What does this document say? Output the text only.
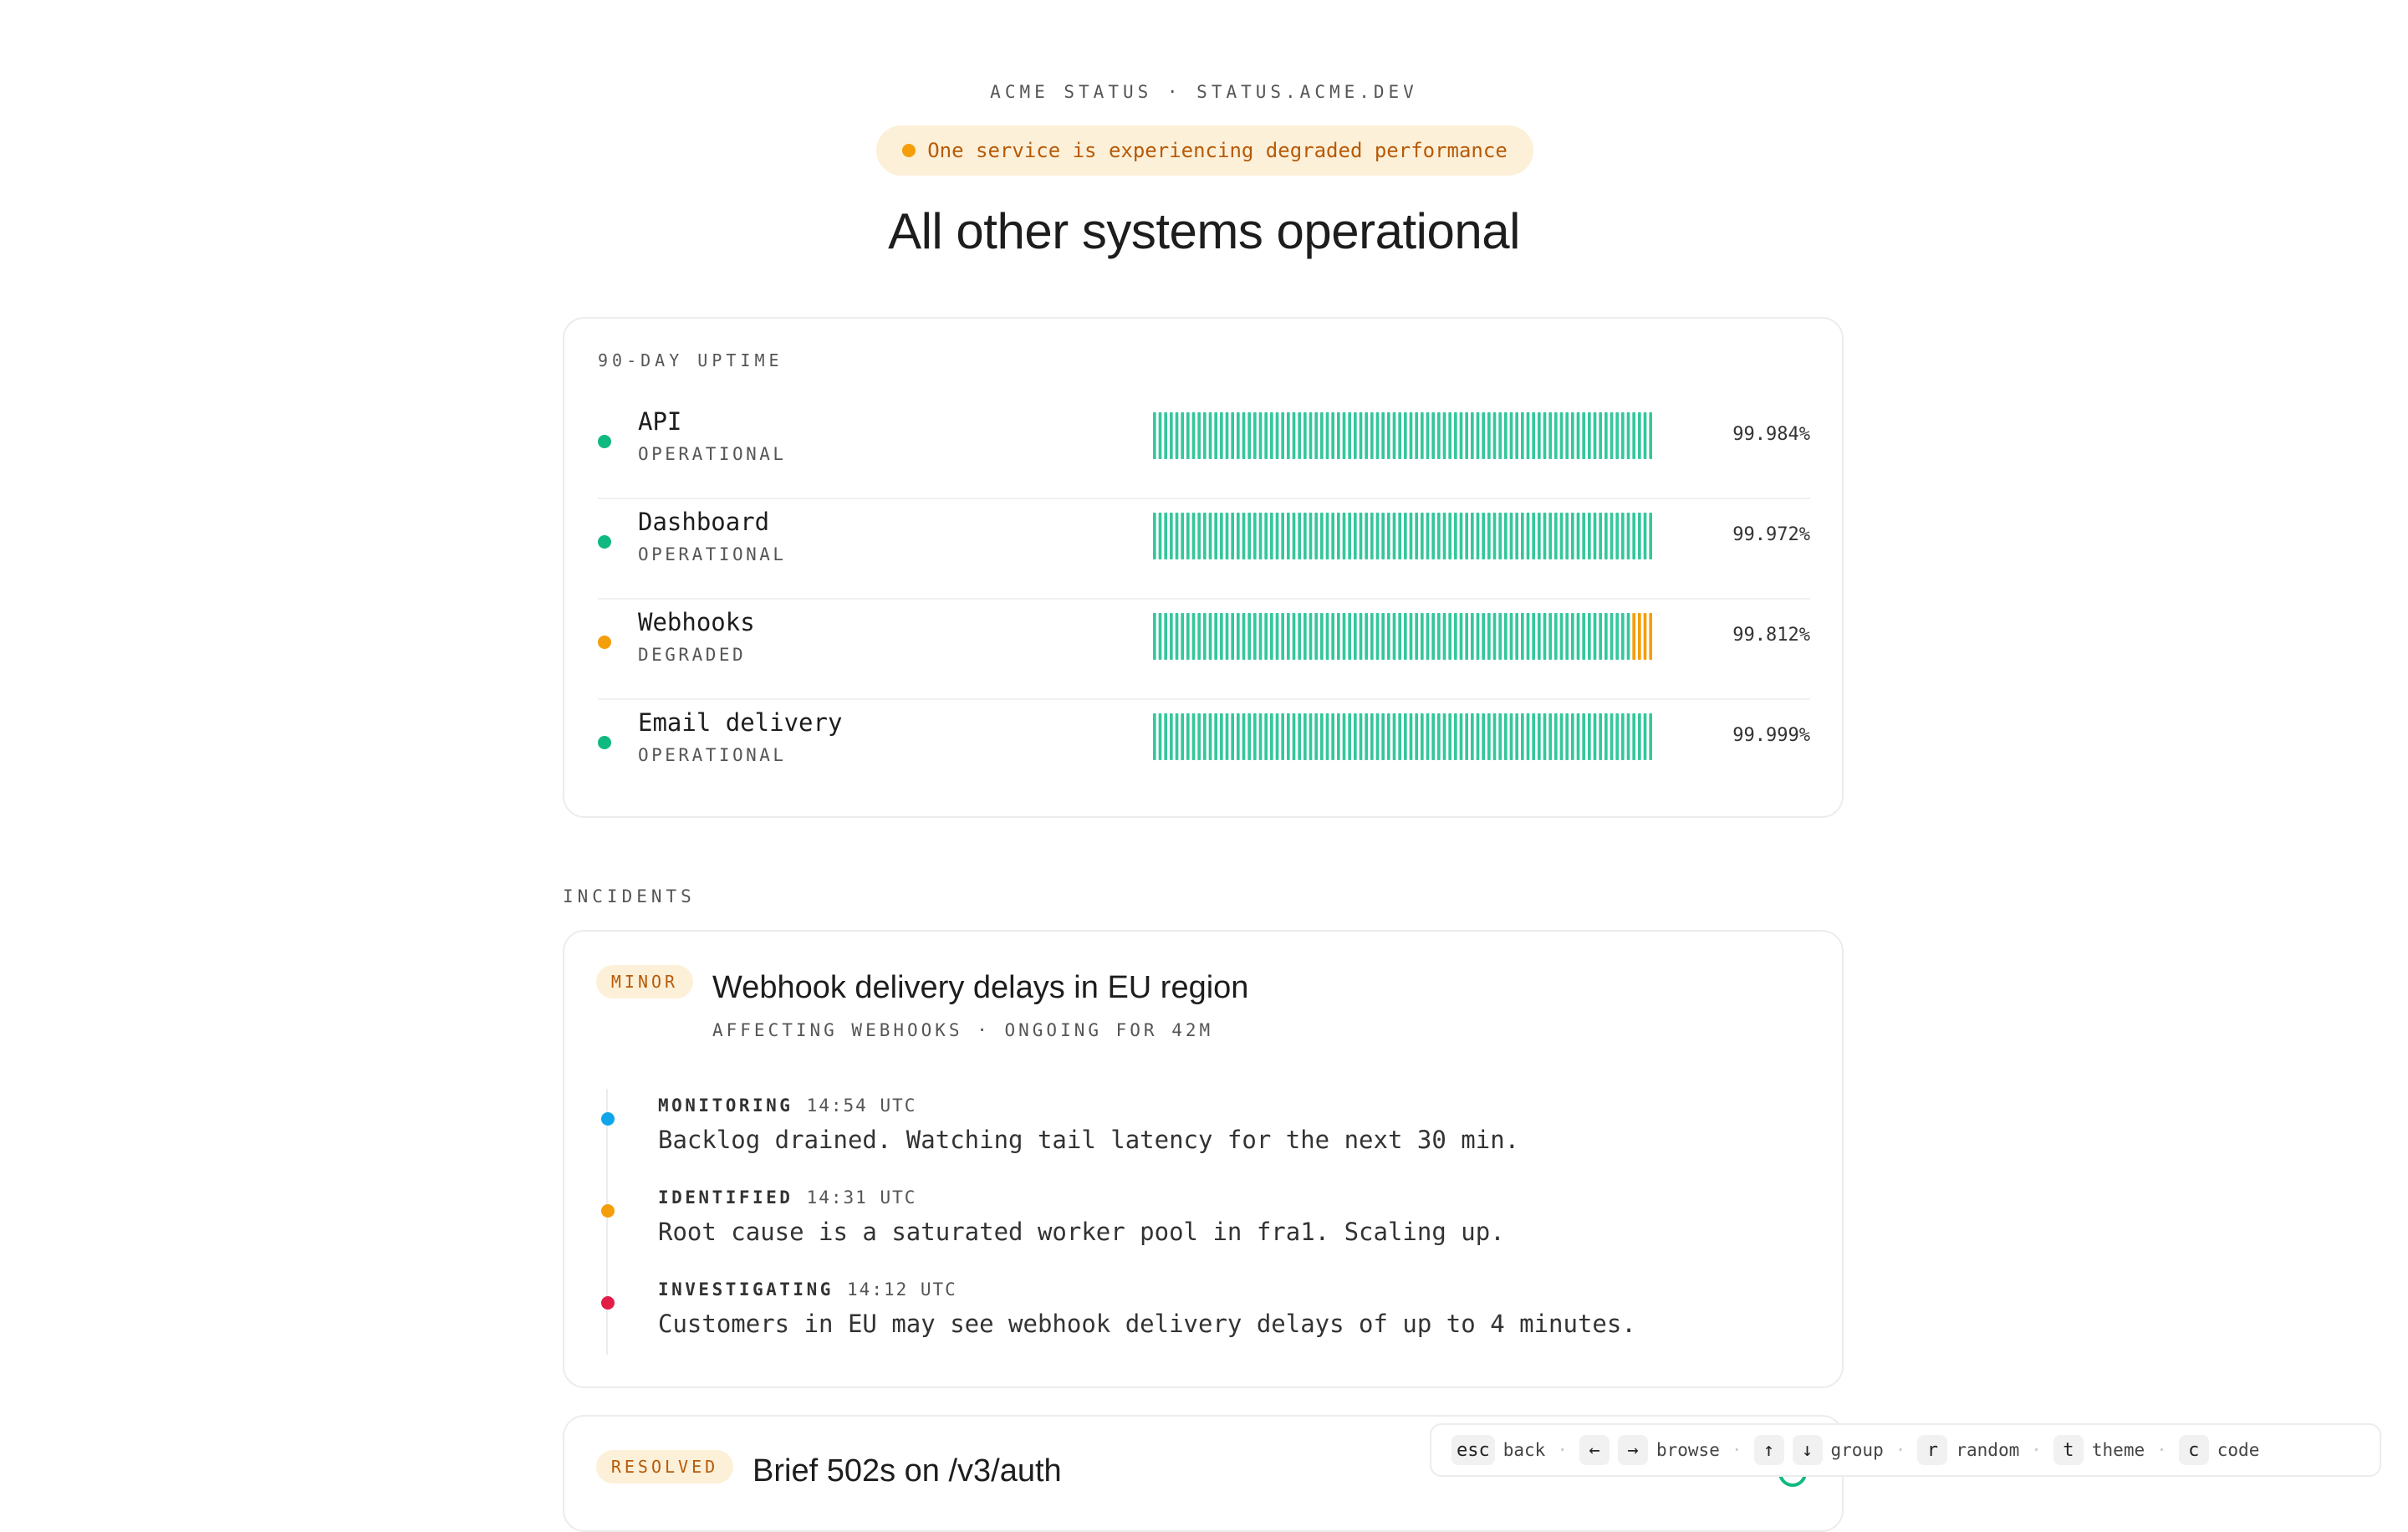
ACME STATUS · STATUS.ACME.DEV
One service is experiencing degraded performance
All other systems operational
90-DAY UPTIME
API
OPERATIONAL
99.984%
Dashboard
OPERATIONAL
99.972%
Webhooks
DEGRADED
99.812%
Email delivery
OPERATIONAL
99.999%
INCIDENTS
MINOR	Webhook delivery delays in EU region
AFFECTING WEBHOOKS · ONGOING FOR 42M
MONITORING 14:54 UTC
Backlog drained. Watching tail latency for the next 30 min.
IDENTIFIED 14:31 UTC
Root cause is a saturated worker pool in fra1. Scaling up.
INVESTIGATING 14:12 UTC
Customers in EU may see webhook delivery delays of up to 4 minutes.
RESOLVED	Brief 502s on /v3/auth
esc back ·	←	→	browse ·	↑	↓	group ·	r	random ·	t	theme ·	c	code
